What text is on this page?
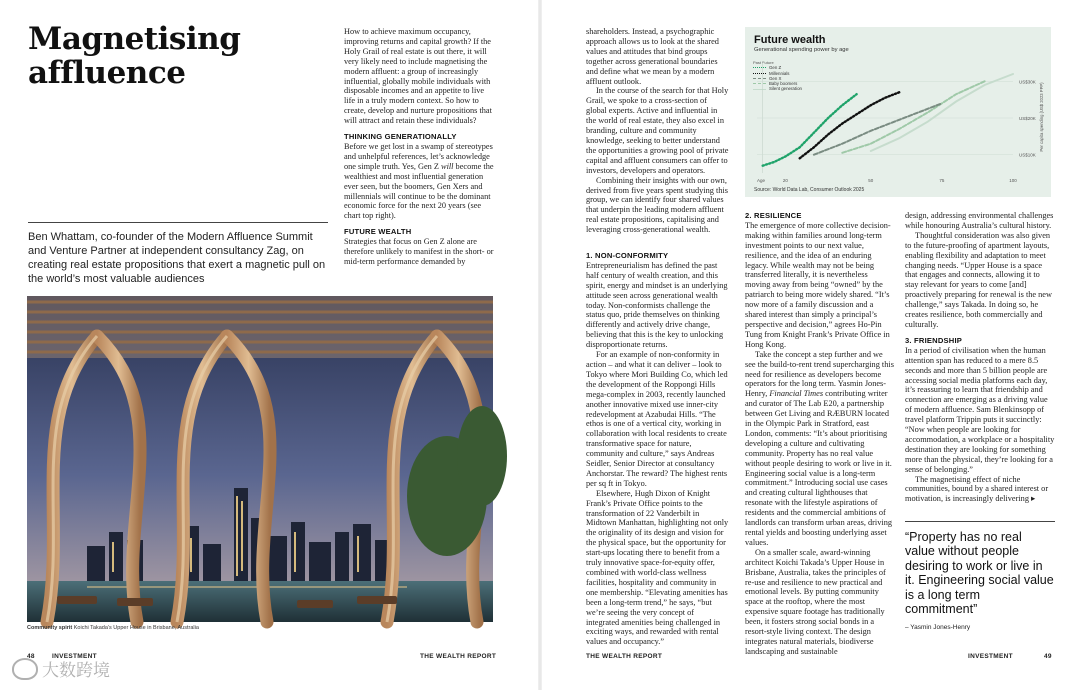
Magnetising
affluence
Ben Whattam, co-founder of the Modern Affluence Summit and Venture Partner at independent consultancy Zag, on creating real estate propositions that exert a magnetic pull on the world’s most valuable audiences

How to achieve maximum occupancy, improving returns and capital growth? If the Holy Grail of real estate is out there, it will very likely need to include magnetising the modern affluent: a group of increasingly influential, globally mobile individuals with disposable incomes and an appetite to live life in a truly modern context. So how to create, develop and nurture propositions that will attract and retain these individuals?

THINKING GENERATIONALLY

Before we get lost in a swamp of stereotypes and unhelpful references, let’s acknowledge one simple truth. Yes, Gen Z will become the wealthiest and most influential generation ever seen, but the boomers, Gen Xers and millennials will continue to be the dominant economic force for the next 20 years (see chart top right).

FUTURE WEALTH

Strategies that focus on Gen Z alone are therefore unlikely to manifest in the short- or mid-term performance demanded by

Community spirit Koichi Takada’s Upper House in Brisbane, Australia

shareholders. Instead, a psychographic approach allows us to look at the shared values and attitudes that bind groups together across generational boundaries and define what we mean by a modern affluent outlook.

In the course of the search for that Holy Grail, we spoke to a cross-section of global experts. Active and influential in the world of real estate, they also excel in branding, culture and community knowledge, seeking to better understand the opportunities a growing pool of private capital and affluent consumers can offer to investors, developers and operators.

Combining their insights with our own, derived from five years spent studying this group, we can identify four shared values that underpin the leading modern affluent real estate propositions, capitalising and leveraging cross-generational wealth.

1. NON-CONFORMITY

Entrepreneurialism has defined the past half century of wealth creation, and this spirit, energy and mindset is an underlying attitude seen across generational wealth today. Non-conformists challenge the status quo, pride themselves on thinking differently and actively drive change, believing that this is the key to unlocking disproportionate returns.

For an example of non-conformity in action – and what it can deliver – look to Tokyo where Mori Building Co, which led the development of the Roppongi Hills mega-complex in 2003, recently launched another innovative mixed use inner-city redevelopment at Azabudai Hills. “The ethos is one of a vertical city, working in collaboration with local residents to create transformative space for nature, community and culture,” says Andreas Seidler, Senior Director at consultancy Anchorstar. The reward? The highest rents per sq ft in Tokyo.

Elsewhere, Hugh Dixon of Knight Frank’s Private Office points to the transformation of 22 Vanderbilt in Midtown Manhattan, highlighting not only the originality of its design and vision for the physical space, but the opportunity for start-ups locating there to benefit from a truly innovative space-for-equity offer, combined with world-class wellness facilities, hospitality and community in one membership. “Elevating amenities has been a long-term trend,” he says, “but we’re seeing the very concept of integrated amenities being challenged in exciting ways, and rewarded with rental values and occupancy.”

2. RESILIENCE

The emergence of more collective decision-making within families around long-term investment points to our next value, resilience, and the idea of an enduring legacy. While wealth may not be being transferred literally, it is nevertheless moving away from being “owned” by the patriarch to being more widely shared. “It’s now more of a family discussion and a shared interest than simply a principal’s perspective and decision,” agrees Ho-Pin Tung from Knight Frank’s Private Office in Hong Kong.

Take the concept a step further and we see the build-to-rent trend supercharging this need for resilience as developers become operators for the long term. Yasmin Jones-Henry, Financial Times contributing writer and curator of The Lab E20, a partnership between Get Living and RÆBURN located in the Olympic Park in Stratford, east London, comments: “It’s about prioritising developing a culture and cultivating community. Property has no real value without people desiring to work or live in it. Engineering social value is a long-term commitment.” Introducing social use cases and creating cultural lighthouses that resonate with the lifestyle aspirations of residents and the commercial ambitions of landlords can transform urban areas, driving rental yields and boosting underlying asset values.

On a smaller scale, award-winning architect Koichi Takada’s Upper House in Brisbane, Australia, takes the principles of re-use and resilience to new practical and emotional levels. By putting community space at the rooftop, where the most expensive square footage has traditionally been, it fosters strong social bonds in a resort-style living context. The design integrates natural materials, biodiverse landscaping and sustainable

design, addressing environmental challenges while honouring Australia’s cultural history.

Thoughtful consideration was also given to the future-proofing of apartment layouts, enabling flexibility and adaptation to meet changing needs. “Upper House is a space that engages and connects, allowing it to stay relevant for years to come [and] proactively preparing for renewal is the new challenge,” says Takada. In doing so, he creates resilience, both commercially and culturally.

3. FRIENDSHIP

In a period of civilisation when the human attention span has reduced to a mere 8.5 seconds and more than 5 billion people are accessing social media platforms each day, it’s reassuring to learn that friendship and connection are emerging as a driving value of modern affluence. Sam Blenkinsopp of travel platform Trippin puts it succinctly: “Now when people are looking for accommodation, a workplace or a hospitality destination they are looking for something more than the physical, they’re looking for a sense of belonging.”

The magnetising effect of niche communities, bound by a shared interest or motivation, is increasingly delivering ▸

Future wealth
Generational spending power by age
Past Future
Gen Z
Millennials
Gen X
Baby boomers
Silent generation
US$10K
US$20K
US$30K
Per capita spending (US$ 2023 PPP)
20	50	75	100
Age
Source: World Data Lab, Consumer Outlook 2025
“Property has no real value without people desiring to work or live in it. Engineering social value is a long term commitment”
– Yasmin Jones-Henry
48	INVESTMENT	THE WEALTH REPORT	THE WEALTH REPORT	INVESTMENT	49
大数跨境
